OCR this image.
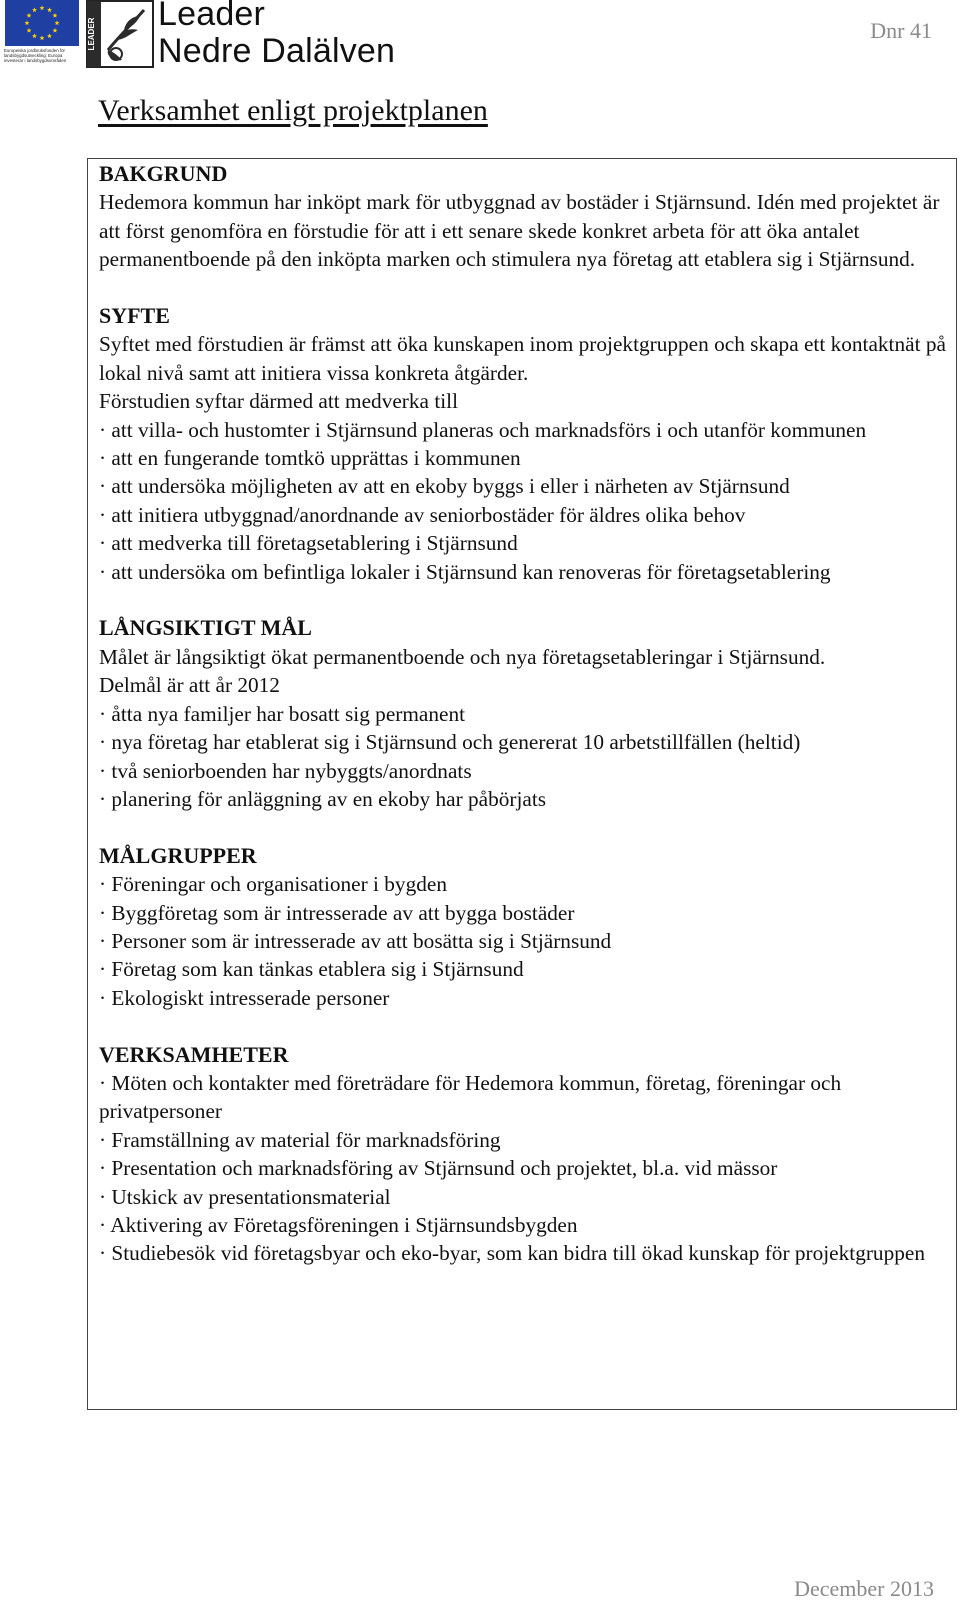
Europeiska jordbruksfonden för landsbygdsutveckling: Europa investerar i landsbygdsområden
LEADER
Leader
Nedre Dalälven
Dnr 41
Verksamhet enligt projektplanen

BAKGRUND

Hedemora kommun har inköpt mark för utbyggnad av bostäder i Stjärnsund. Idén med projektet är att först genomföra en förstudie för att i ett senare skede konkret arbeta för att öka antalet permanentboende på den inköpta marken och stimulera nya företag att etablera sig i Stjärnsund.

SYFTE

Syftet med förstudien är främst att öka kunskapen inom projektgruppen och skapa ett kontaktnät på lokal nivå samt att initiera vissa konkreta åtgärder.

Förstudien syftar därmed att medverka till

· att villa- och hustomter i Stjärnsund planeras och marknadsförs i och utanför kommunen

· att en fungerande tomtkö upprättas i kommunen

· att undersöka möjligheten av att en ekoby byggs i eller i närheten av Stjärnsund

· att initiera utbyggnad/anordnande av seniorbostäder för äldres olika behov

· att medverka till företagsetablering i Stjärnsund

· att undersöka om befintliga lokaler i Stjärnsund kan renoveras för företagsetablering

LÅNGSIKTIGT MÅL

Målet är långsiktigt ökat permanentboende och nya företagsetableringar i Stjärnsund.

Delmål är att år 2012

· åtta nya familjer har bosatt sig permanent

· nya företag har etablerat sig i Stjärnsund och genererat 10 arbetstillfällen (heltid)

· två seniorboenden har nybyggts/anordnats

· planering för anläggning av en ekoby har påbörjats

MÅLGRUPPER

· Föreningar och organisationer i bygden

· Byggföretag som är intresserade av att bygga bostäder

· Personer som är intresserade av att bosätta sig i Stjärnsund

· Företag som kan tänkas etablera sig i Stjärnsund

· Ekologiskt intresserade personer

VERKSAMHETER

· Möten och kontakter med företrädare för Hedemora kommun, företag, föreningar och privatpersoner

· Framställning av material för marknadsföring

· Presentation och marknadsföring av Stjärnsund och projektet, bl.a. vid mässor

· Utskick av presentationsmaterial

· Aktivering av Företagsföreningen i Stjärnsundsbygden

· Studiebesök vid företagsbyar och eko-byar, som kan bidra till ökad kunskap för projektgruppen

December 2013
